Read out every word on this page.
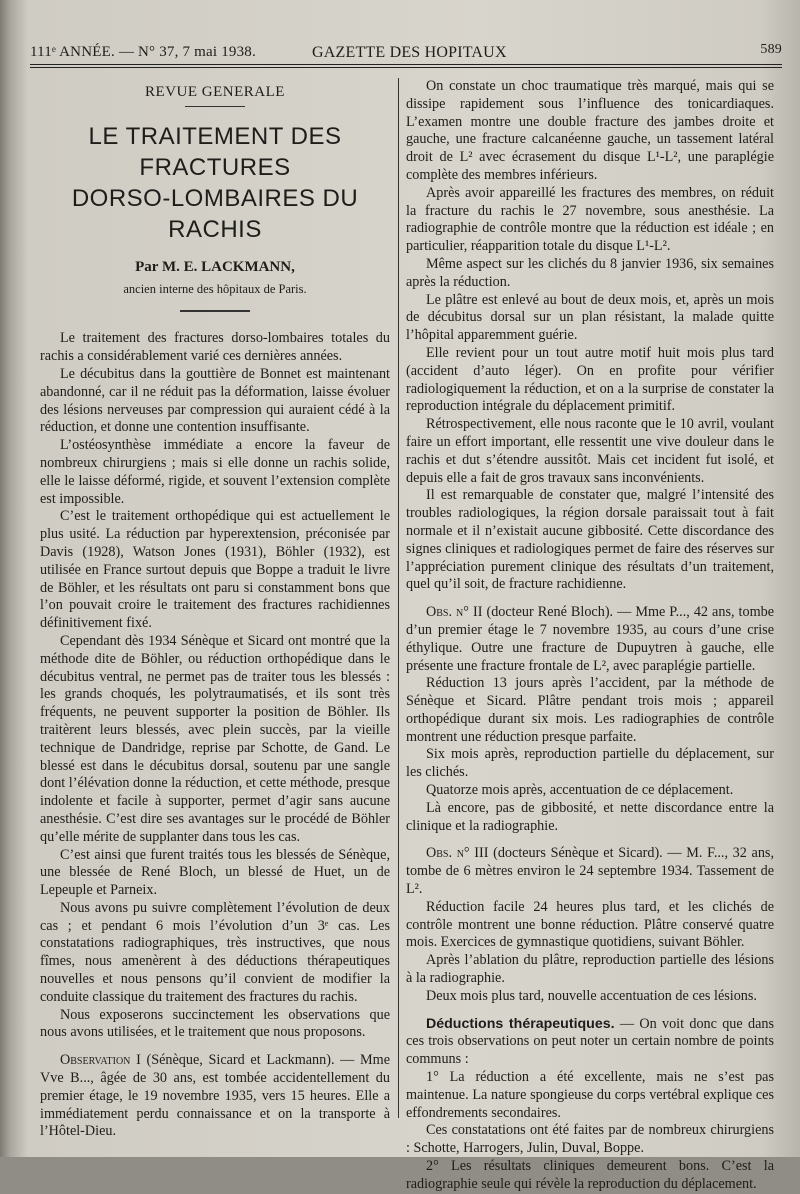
111ᵉ ANNÉE. — N° 37, 7 mai 1938.	GAZETTE DES HOPITAUX	589
REVUE GENERALE
LE TRAITEMENT DES FRACTURES
DORSO-LOMBAIRES DU RACHIS
Par M. E. LACKMANN,
ancien interne des hôpitaux de Paris.

Le traitement des fractures dorso-lombaires totales du rachis a considérablement varié ces dernières années.

Le décubitus dans la gouttière de Bonnet est maintenant abandonné, car il ne réduit pas la déformation, laisse évoluer des lésions nerveuses par compression qui auraient cédé à la réduction, et donne une contention insuffisante.

L’ostéosynthèse immédiate a encore la faveur de nombreux chirurgiens ; mais si elle donne un rachis solide, elle le laisse déformé, rigide, et souvent l’extension complète est impossible.

C’est le traitement orthopédique qui est actuellement le plus usité. La réduction par hyperextension, préconisée par Davis (1928), Watson Jones (1931), Böhler (1932), est utilisée en France surtout depuis que Boppe a traduit le livre de Böhler, et les résultats ont paru si constamment bons que l’on pouvait croire le traitement des fractures rachidiennes définitivement fixé.

Cependant dès 1934 Sénèque et Sicard ont montré que la méthode dite de Böhler, ou réduction orthopédique dans le décubitus ventral, ne permet pas de traiter tous les blessés : les grands choqués, les polytraumatisés, et ils sont très fréquents, ne peuvent supporter la position de Böhler. Ils traitèrent leurs blessés, avec plein succès, par la vieille technique de Dandridge, reprise par Schotte, de Gand. Le blessé est dans le décubitus dorsal, soutenu par une sangle dont l’élévation donne la réduction, et cette méthode, presque indolente et facile à supporter, permet d’agir sans aucune anesthésie. C’est dire ses avantages sur le procédé de Böhler qu’elle mérite de supplanter dans tous les cas.

C’est ainsi que furent traités tous les blessés de Sénèque, une blessée de René Bloch, un blessé de Huet, un de Lepeuple et Parneix.

Nous avons pu suivre complètement l’évolution de deux cas ; et pendant 6 mois l’évolution d’un 3ᵉ cas. Les constatations radiographiques, très instructives, que nous fîmes, nous amenèrent à des déductions thérapeutiques nouvelles et nous pensons qu’il convient de modifier la conduite classique du traitement des fractures du rachis.

Nous exposerons succinctement les observations que nous avons utilisées, et le traitement que nous proposons.

Observation I (Sénèque, Sicard et Lackmann). — Mme Vve B..., âgée de 30 ans, est tombée accidentellement du premier étage, le 19 novembre 1935, vers 15 heures. Elle a immédiatement perdu connaissance et on la transporte à l’Hôtel-Dieu.

On constate un choc traumatique très marqué, mais qui se dissipe rapidement sous l’influence des tonicardiaques. L’examen montre une double fracture des jambes droite et gauche, une fracture calcanéenne gauche, un tassement latéral droit de L² avec écrasement du disque L¹-L², une paraplégie complète des membres inférieurs.

Après avoir appareillé les fractures des membres, on réduit la fracture du rachis le 27 novembre, sous anesthésie. La radiographie de contrôle montre que la réduction est idéale ; en particulier, réapparition totale du disque L¹-L².

Même aspect sur les clichés du 8 janvier 1936, six semaines après la réduction.

Le plâtre est enlevé au bout de deux mois, et, après un mois de décubitus dorsal sur un plan résistant, la malade quitte l’hôpital apparemment guérie.

Elle revient pour un tout autre motif huit mois plus tard (accident d’auto léger). On en profite pour vérifier radiologiquement la réduction, et on a la surprise de constater la reproduction intégrale du déplacement primitif.

Rétrospectivement, elle nous raconte que le 10 avril, voulant faire un effort important, elle ressentit une vive douleur dans le rachis et dut s’étendre aussitôt. Mais cet incident fut isolé, et depuis elle a fait de gros travaux sans inconvénients.

Il est remarquable de constater que, malgré l’intensité des troubles radiologiques, la région dorsale paraissait tout à fait normale et il n’existait aucune gibbosité. Cette discordance des signes cliniques et radiologiques permet de faire des réserves sur l’appréciation purement clinique des résultats d’un traitement, quel qu’il soit, de fracture rachidienne.

Obs. n° II (docteur René Bloch). — Mme P..., 42 ans, tombe d’un premier étage le 7 novembre 1935, au cours d’une crise éthylique. Outre une fracture de Dupuytren à gauche, elle présente une fracture frontale de L², avec paraplégie partielle.

Réduction 13 jours après l’accident, par la méthode de Sénèque et Sicard. Plâtre pendant trois mois ; appareil orthopédique durant six mois. Les radiographies de contrôle montrent une réduction presque parfaite.

Six mois après, reproduction partielle du déplacement, sur les clichés.

Quatorze mois après, accentuation de ce déplacement.

Là encore, pas de gibbosité, et nette discordance entre la clinique et la radiographie.

Obs. n° III (docteurs Sénèque et Sicard). — M. F..., 32 ans, tombe de 6 mètres environ le 24 septembre 1934. Tassement de L².

Réduction facile 24 heures plus tard, et les clichés de contrôle montrent une bonne réduction. Plâtre conservé quatre mois. Exercices de gymnastique quotidiens, suivant Böhler.

Après l’ablation du plâtre, reproduction partielle des lésions à la radiographie.

Deux mois plus tard, nouvelle accentuation de ces lésions.

Déductions thérapeutiques. — On voit donc que dans ces trois observations on peut noter un certain nombre de points communs :

1° La réduction a été excellente, mais ne s’est pas maintenue. La nature spongieuse du corps vertébral explique ces effondrements secondaires.

Ces constatations ont été faites par de nombreux chirurgiens : Schotte, Harrogers, Julin, Duval, Boppe.

2° Les résultats cliniques demeurent bons. C’est la radiographie seule qui révèle la reproduction du déplacement.
